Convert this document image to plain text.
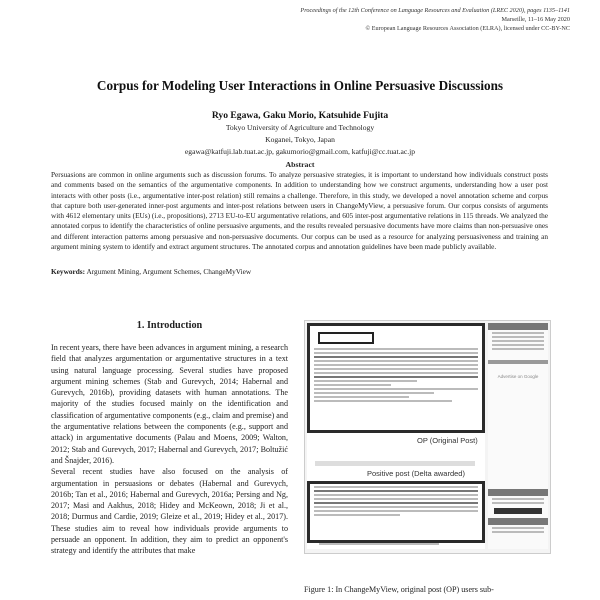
Proceedings of the 12th Conference on Language Resources and Evaluation (LREC 2020), pages 1135–1141
Marseille, 11–16 May 2020
© European Language Resources Association (ELRA), licensed under CC-BY-NC
Corpus for Modeling User Interactions in Online Persuasive Discussions
Ryo Egawa, Gaku Morio, Katsuhide Fujita
Tokyo University of Agriculture and Technology
Koganei, Tokyo, Japan
egawa@katfuji.lab.tuat.ac.jp, gakumorio@gmail.com, katfuji@cc.tuat.ac.jp
Abstract
Persuasions are common in online arguments such as discussion forums. To analyze persuasive strategies, it is important to understand how individuals construct posts and comments based on the semantics of the argumentative components. In addition to understanding how we construct arguments, understanding how a user post interacts with other posts (i.e., argumentative inter-post relation) still remains a challenge. Therefore, in this study, we developed a novel annotation scheme and corpus that capture both user-generated inner-post arguments and inter-post relations between users in ChangeMyView, a persuasive forum. Our corpus consists of arguments with 4612 elementary units (EUs) (i.e., propositions), 2713 EU-to-EU argumentative relations, and 605 inter-post argumentative relations in 115 threads. We analyzed the annotated corpus to identify the characteristics of online persuasive arguments, and the results revealed persuasive documents have more claims than non-persuasive ones and different interaction patterns among persuasive and non-persuasive documents. Our corpus can be used as a resource for analyzing persuasiveness and training an argument mining system to identify and extract argument structures. The annotated corpus and annotation guidelines have been made publicly available.
Keywords: Argument Mining, Argument Schemes, ChangeMyView
1. Introduction

In recent years, there have been advances in argument mining, a research field that analyzes argumentation or argumentative structures in a text using natural language processing. Several studies have proposed argument mining schemes (Stab and Gurevych, 2014; Habernal and Gurevych, 2016b), providing datasets with human annotations. The majority of the studies focused mainly on the identification and classification of argumentative components (e.g., claim and premise) and the argumentative relations between the components (e.g., support and attack) in argumentative documents (Palau and Moens, 2009; Walton, 2012; Stab and Gurevych, 2017; Habernal and Gurevych, 2017; Boltužić and Šnajder, 2016).

Several recent studies have also focused on the analysis of argumentation in persuasions or debates (Habernal and Gurevych, 2016b; Tan et al., 2016; Habernal and Gurevych, 2016a; Persing and Ng, 2017; Masi and Aakhus, 2018; Hidey and McKeown, 2018; Ji et al., 2018; Durmus and Cardie, 2019; Gleize et al., 2019; Hidey et al., 2017). These studies aim to reveal how individuals provide arguments to persuade an opponent. In addition, they aim to predict an opponent's strategy and identify the attributes that make

OP (Original Post)
Positive post (Delta awarded)
Advertise on Google
Figure 1: In ChangeMyView, original post (OP) users sub-
